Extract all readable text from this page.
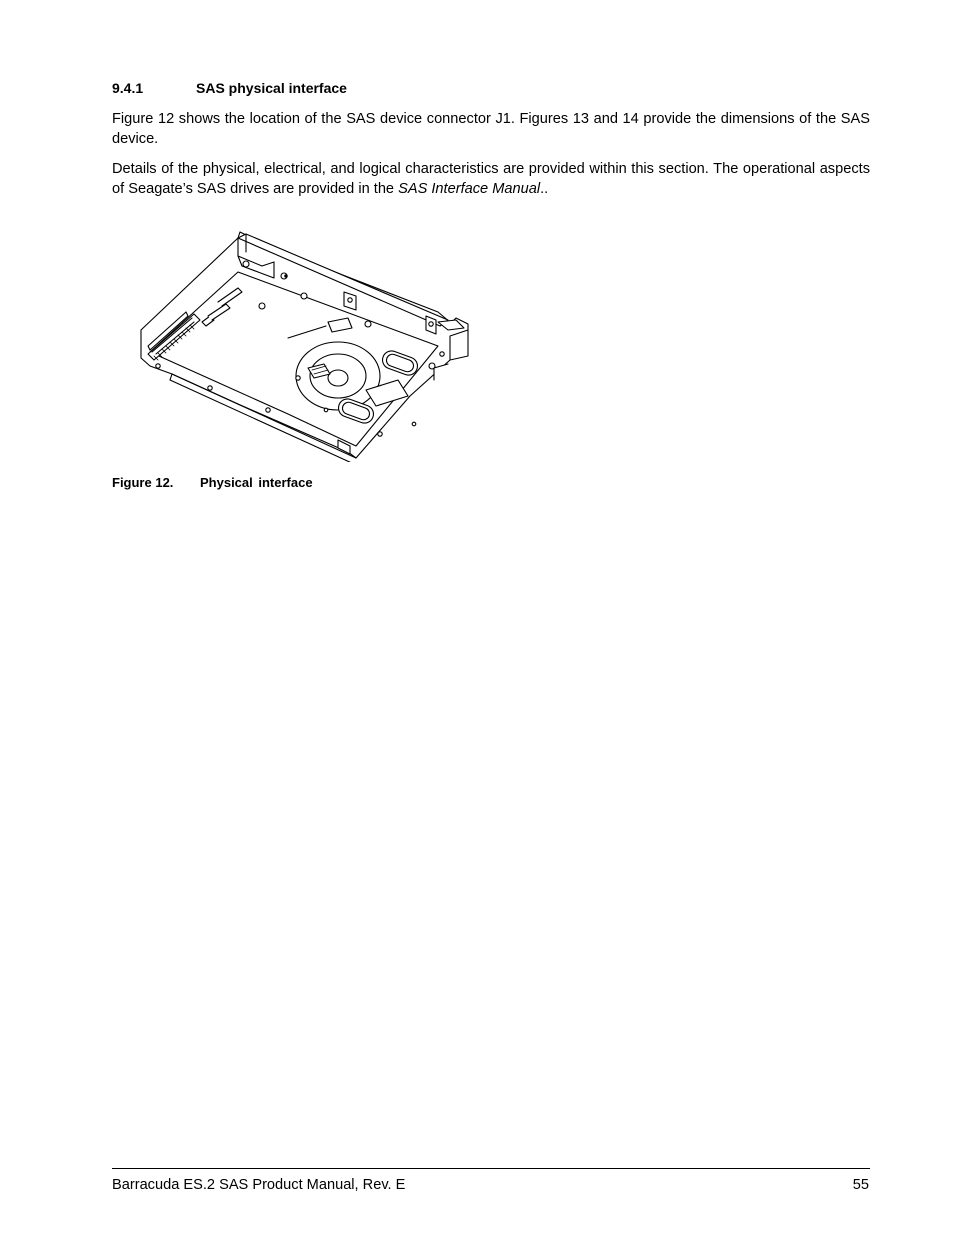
9.4.1	SAS physical interface

Figure 12 shows the location of the SAS device connector J1. Figures 13 and 14 provide the dimensions of the SAS device.

Details of the physical, electrical, and logical characteristics are provided within this section. The operational aspects of Seagate’s SAS drives are provided in the SAS Interface Manual..

Figure 12. Physical interface
Barracuda ES.2 SAS Product Manual, Rev. E	55
